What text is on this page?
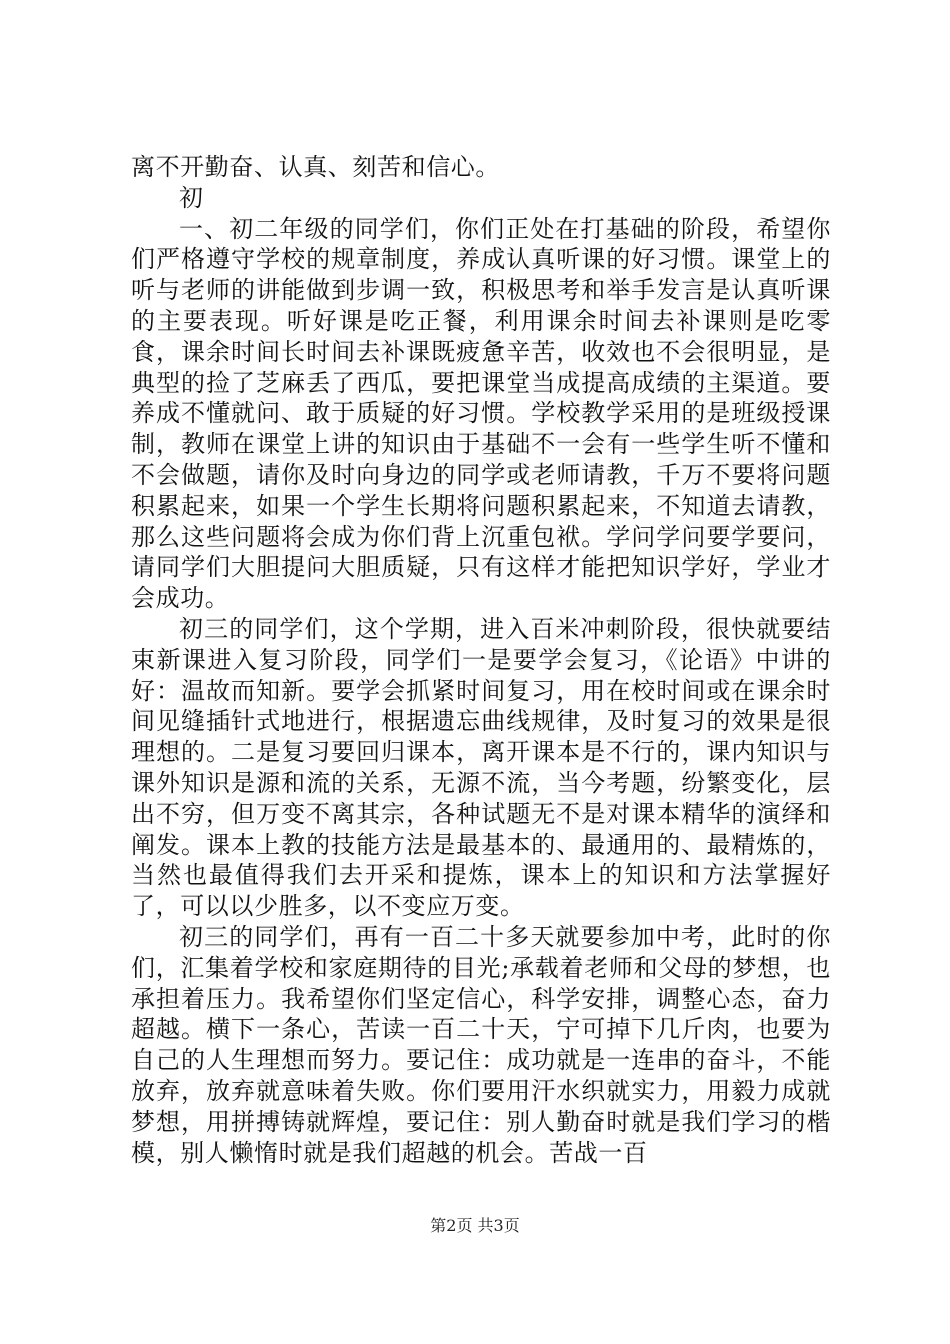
离不开勤奋、认真、刻苦和信心。

初

一、初二年级的同学们，你们正处在打基础的阶段，希望你们严格遵守学校的规章制度，养成认真听课的好习惯。课堂上的听与老师的讲能做到步调一致，积极思考和举手发言是认真听课的主要表现。听好课是吃正餐，利用课余时间去补课则是吃零食，课余时间长时间去补课既疲惫辛苦，收效也不会很明显，是典型的捡了芝麻丢了西瓜，要把课堂当成提高成绩的主渠道。要养成不懂就问、敢于质疑的好习惯。学校教学采用的是班级授课制，教师在课堂上讲的知识由于基础不一会有一些学生听不懂和不会做题，请你及时向身边的同学或老师请教，千万不要将问题积累起来，如果一个学生长期将问题积累起来，不知道去请教，那么这些问题将会成为你们背上沉重包袱。学问学问要学要问，请同学们大胆提问大胆质疑，只有这样才能把知识学好，学业才会成功。

初三的同学们，这个学期，进入百米冲刺阶段，很快就要结束新课进入复习阶段，同学们一是要学会复习，《论语》中讲的好：温故而知新。要学会抓紧时间复习，用在校时间或在课余时间见缝插针式地进行，根据遗忘曲线规律，及时复习的效果是很理想的。二是复习要回归课本，离开课本是不行的，课内知识与课外知识是源和流的关系，无源不流，当今考题，纷繁变化，层出不穷，但万变不离其宗，各种试题无不是对课本精华的演绎和阐发。课本上教的技能方法是最基本的、最通用的、最精炼的，当然也最值得我们去开采和提炼，课本上的知识和方法掌握好了，可以以少胜多，以不变应万变。

初三的同学们，再有一百二十多天就要参加中考，此时的你们，汇集着学校和家庭期待的目光;承载着老师和父母的梦想，也承担着压力。我希望你们坚定信心，科学安排，调整心态，奋力超越。横下一条心，苦读一百二十天，宁可掉下几斤肉，也要为自己的人生理想而努力。要记住：成功就是一连串的奋斗，不能放弃，放弃就意味着失败。你们要用汗水织就实力，用毅力成就梦想，用拼搏铸就辉煌，要记住：别人勤奋时就是我们学习的楷模，别人懒惰时就是我们超越的机会。苦战一百

第2页 共3页
